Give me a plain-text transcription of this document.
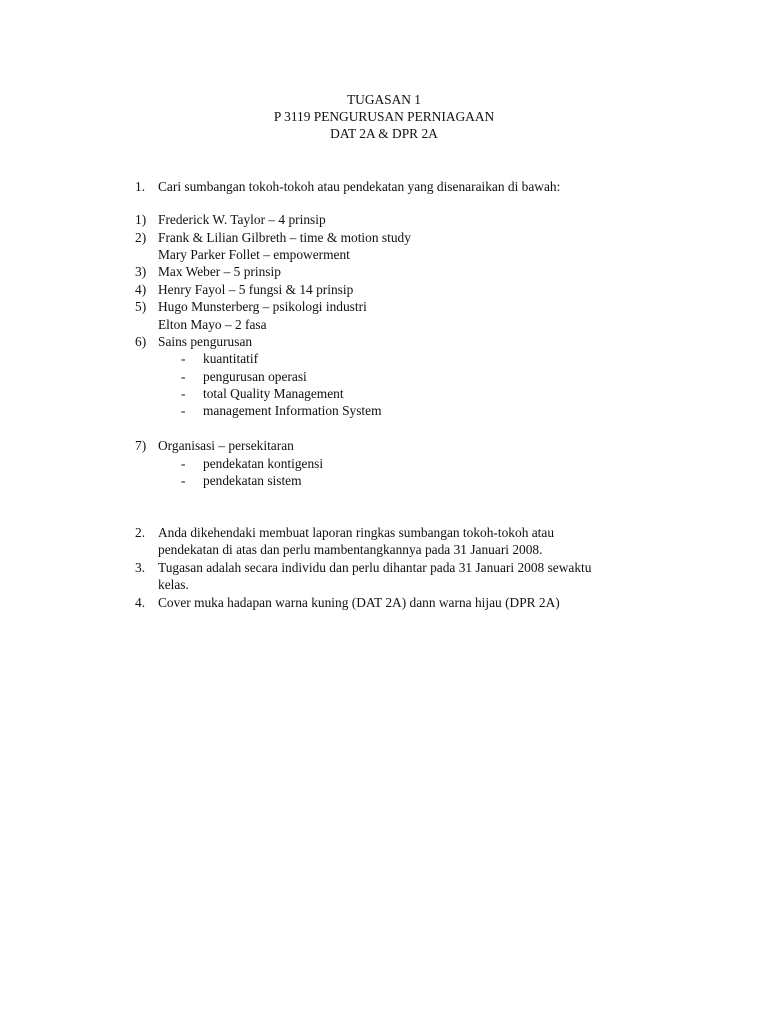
TUGASAN 1
P 3119 PENGURUSAN PERNIAGAAN
DAT 2A & DPR 2A
1. Cari sumbangan tokoh-tokoh atau pendekatan yang disenaraikan di bawah:
1) Frederick W. Taylor – 4 prinsip
2) Frank & Lilian Gilbreth – time & motion study
Mary Parker Follet – empowerment
3) Max Weber – 5 prinsip
4) Henry Fayol – 5 fungsi & 14 prinsip
5) Hugo Munsterberg – psikologi industri
Elton Mayo – 2 fasa
6) Sains pengurusan
- kuantitatif
- pengurusan operasi
- total Quality Management
- management Information System
7) Organisasi – persekitaran
- pendekatan kontigensi
- pendekatan sistem
2. Anda dikehendaki membuat laporan ringkas sumbangan tokoh-tokoh atau
pendekatan di atas dan perlu mambentangkannya pada 31 Januari 2008.
3. Tugasan adalah secara individu dan perlu dihantar pada 31 Januari 2008 sewaktu
kelas.
4. Cover muka hadapan warna kuning (DAT 2A) dann warna hijau (DPR 2A)
